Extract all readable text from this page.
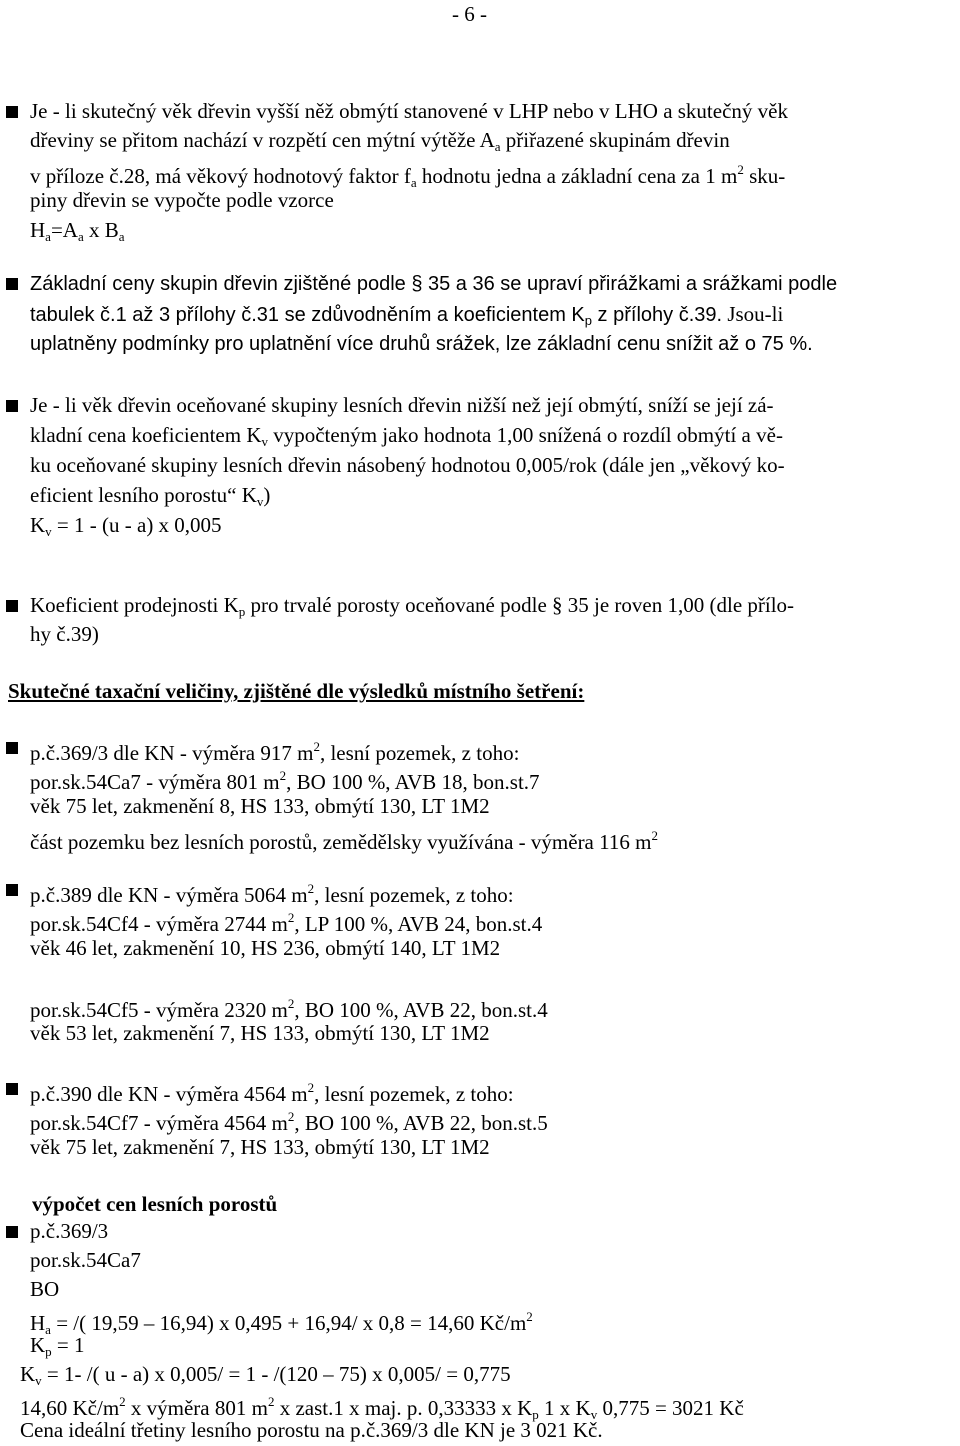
- 6 -
Je - li skutečný věk dřevin vyšší něž obmýtí stanovené v LHP nebo v LHO a skutečný věk
dřeviny se přitom nachází v rozpětí cen mýtní výtěže $A_a$ přiřazené skupinám dřevin
v příloze č.28, má věkový hodnotový faktor $f_a$ hodnotu jedna a základní cena za 1 $m^2$ sku-
piny dřevin se vypočte podle vzorce
$H_a=A_a$ x $B_a$
Základní ceny skupin dřevin zjištěné podle § 35 a 36 se upraví přirážkami a srážkami podle
tabulek č.1 až 3 přílohy č.31 se zdůvodněním a koeficientem $K_p$ z přílohy č.39. Jsou-li
uplatněny podmínky pro uplatnění více druhů srážek, lze základní cenu snížit až o 75 %.
Je - li věk dřevin oceňované skupiny lesních dřevin nižší než její obmýtí, sníží se její zá-
kladní cena koeficientem $K_v$ vypočteným jako hodnota 1,00 snížená o rozdíl obmýtí a vě-
ku oceňované skupiny lesních dřevin násobený hodnotou 0,005/rok (dále jen „věkový ko-
eficient lesního porostu“ $K_v$)
$K_v = 1 - (u - a)$ x 0,005
Koeficient prodejnosti $K_p$ pro trvalé porosty oceňované podle § 35 je roven 1,00 (dle přílo-
hy č.39)
Skutečné taxační veličiny, zjištěné dle výsledků místního šetření:
p.č.369/3 dle KN - výměra 917 $m^2$, lesní pozemek, z toho:
por.sk.54Ca7 - výměra 801 $m^2$, BO 100 %, AVB 18, bon.st.7
věk 75 let, zakmenění 8, HS 133, obmýtí 130, LT 1M2
část pozemku bez lesních porostů, zemědělsky využívána - výměra 116 $m^2$
p.č.389 dle KN - výměra 5064 $m^2$, lesní pozemek, z toho:
por.sk.54Cf4 - výměra 2744 $m^2$, LP 100 %, AVB 24, bon.st.4
věk 46 let, zakmenění 10, HS 236, obmýtí 140, LT 1M2
por.sk.54Cf5 - výměra 2320 $m^2$, BO 100 %, AVB 22, bon.st.4
věk 53 let, zakmenění 7, HS 133, obmýtí 130, LT 1M2
p.č.390 dle KN - výměra 4564 $m^2$, lesní pozemek, z toho:
por.sk.54Cf7 - výměra 4564 $m^2$, BO 100 %, AVB 22, bon.st.5
věk 75 let, zakmenění 7, HS 133, obmýtí 130, LT 1M2
výpočet cen lesních porostů
p.č.369/3
por.sk.54Ca7
BO
$H_a$ = /( 19,59 – 16,94) x 0,495 + 16,94/ x 0,8 = 14,60 $Kč/m^2$
$K_p = 1$
$K_v = 1-$ /( u - a) x 0,005/ = 1 - /(120 – 75) x 0,005/ = 0,775
14,60 $Kč/m^2$ x výměra 801 $m^2$ x zast.1 x maj. p. 0,33333 x $K_p$ 1 x $K_v$ 0,775 = 3021 Kč
Cena ideální třetiny lesního porostu na p.č.369/3 dle KN je 3 021 Kč.
